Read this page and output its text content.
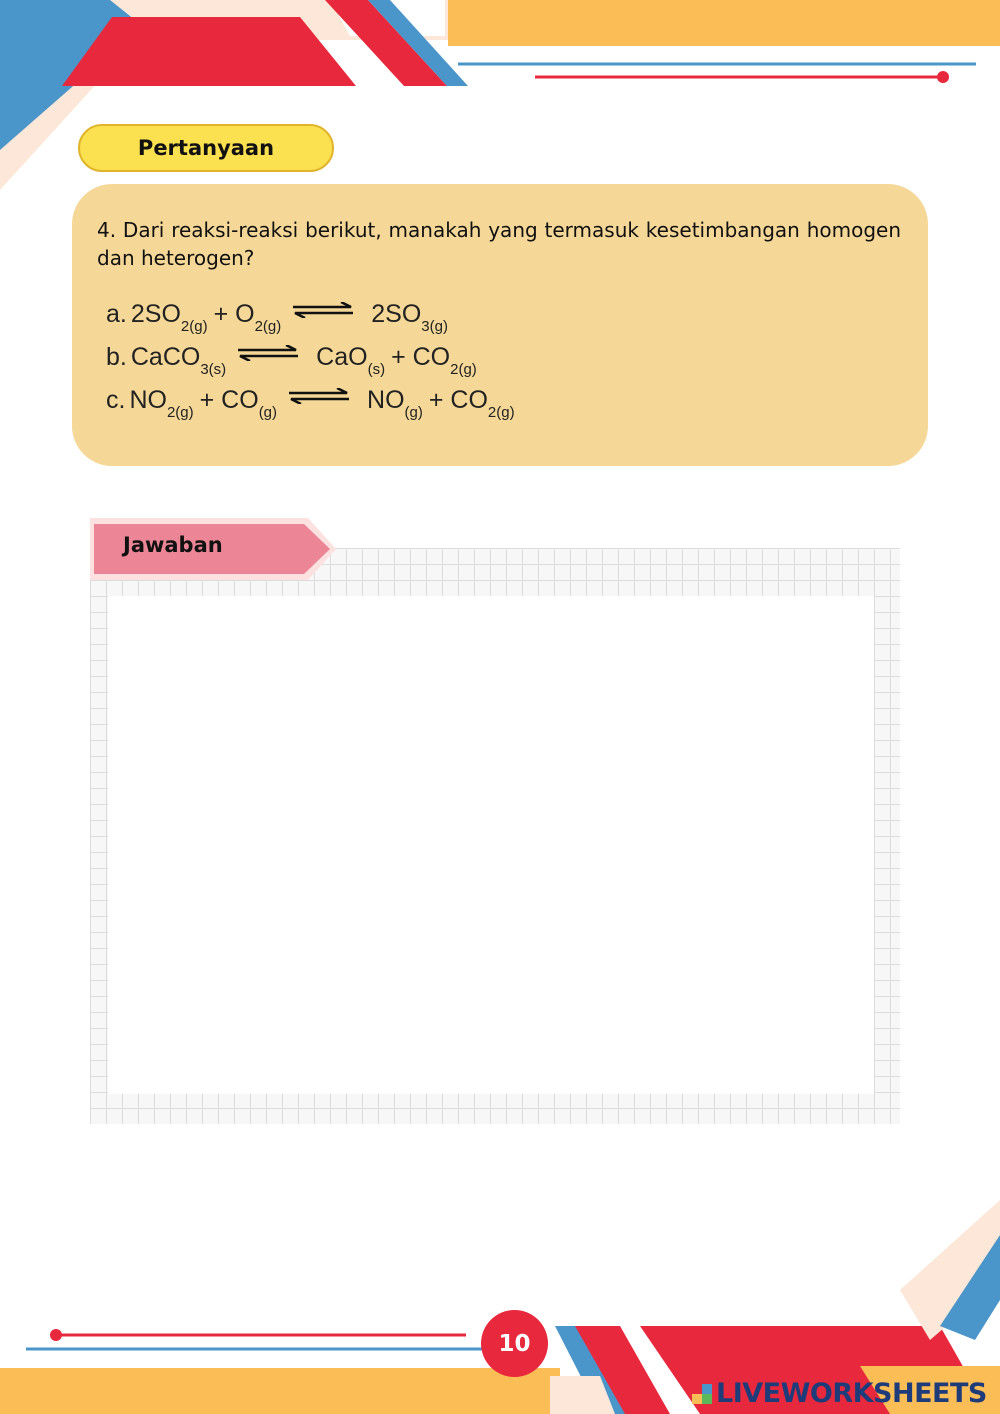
Pertanyaan
4. Dari reaksi-reaksi berikut, manakah yang termasuk kesetimbangan homogen dan heterogen?
a. $2SO_{2(g)} + O_{2(g)}$ ⇌ $2SO_{3(g)}$
b. CaCO$_{3(s)}$ ⇌ $CaO_{(s)} + CO_{2(g)}$
c. $NO_{2(g)} + CO_{(g)}$ ⇌ $NO_{(g)} + CO_{2(g)}$
Jawaban
10
LIVEWORKSHEETS
